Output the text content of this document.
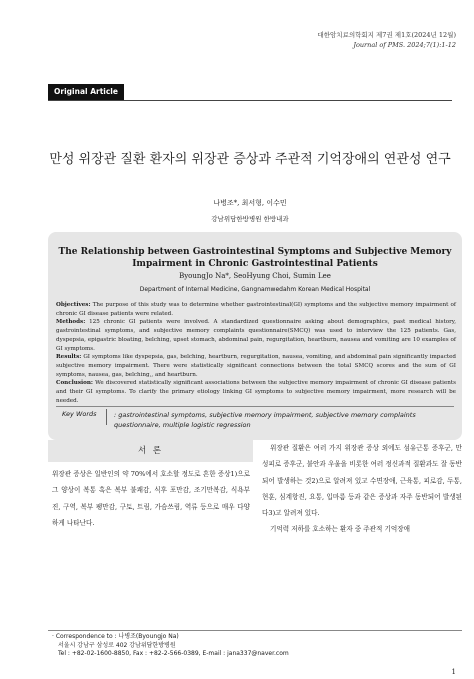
대한암치료의학회지 제7권 제1호(2024년 12월)
Journal of PMS. 2024;7(1):1-12
Original Article
만성 위장관 질환 환자의 위장관 증상과 주관적 기억장애의 연관성 연구
나병조*, 최서형, 이수민
강남위담한방병원 한방내과
The Relationship between Gastrointestinal Symptoms and Subjective Memory Impairment in Chronic Gastrointestinal Patients
ByoungJo Na*, SeoHyung Choi, Sumin Lee
Department of Internal Medicine, Gangnamwedahm Korean Medical Hospital

Objectives: The purpose of this study was to determine whether gastrointestinal(GI) symptoms and the subjective memory impairment of chronic GI disease patients were related.

Methods: 125 chronic GI patients were involved. A standardized questionnaire asking about demographics, past medical history, gastrointestinal symptoms, and subjective memory complaints questionnaire(SMCQ) was used to interview the 125 patients. Gas, dyspepsia, epigastric bloating, belching, upset stomach, abdominal pain, regurgitation, heartburn, nausea and vomiting are 10 examples of GI symptoms.

Results: GI symptoms like dyspepsia, gas, belching, heartburn, regurgitation, nausea, vomiting, and abdominal pain significantly impacted subjective memory impairment. There were statistically significant connections between the total SMCQ scores and the sum of GI symptoms, nausea, gas, belching,, and heartburn.

Conclusion: We discovered statistically significant associations between the subjective memory impairment of chronic GI disease patients and their GI symptoms. To clarify the primary etiology linking GI symptoms to subjective memory impairment, more research will be needed.

Key Words	: gastrointestinal symptoms, subjective memory impairment, subjective memory complaints questionnaire, multiple logistic regression
서 론
위장관 증상은 일반인의 약 70%에서 호소할 정도로 흔한 증상1)으로 그 양상이 복통 혹은 복부 불쾌감, 식후 포만감, 조기만복감, 식욕부진, 구역, 복부 팽만감, 구토, 트림, 가슴쓰림, 역류 등으로 매우 다양하게 나타난다.
위장관 질환은 여러 가지 위장관 증상 외에도 섬유근통 증후군, 만성피로 증후군, 불안과 우울을 비롯한 여러 정신과적 질환과도 잘 동반되어 발생하는 것2)으로 알려져 있고 수면장애, 근육통, 피로감, 두통, 현훈, 심계항진, 요통, 입마름 등과 같은 증상과 자주 동반되어 발생된다3)고 알려져 있다.
기억력 저하를 호소하는 환자 중 주관적 기억장애
· Correspondence to : 나병조(Byoungjo Na)
서울시 강남구 삼성로 402 강남위담한방병원
Tel : +82-02-1600-8850, Fax : +82-2-566-0389, E-mail : jana337@naver.com
1
